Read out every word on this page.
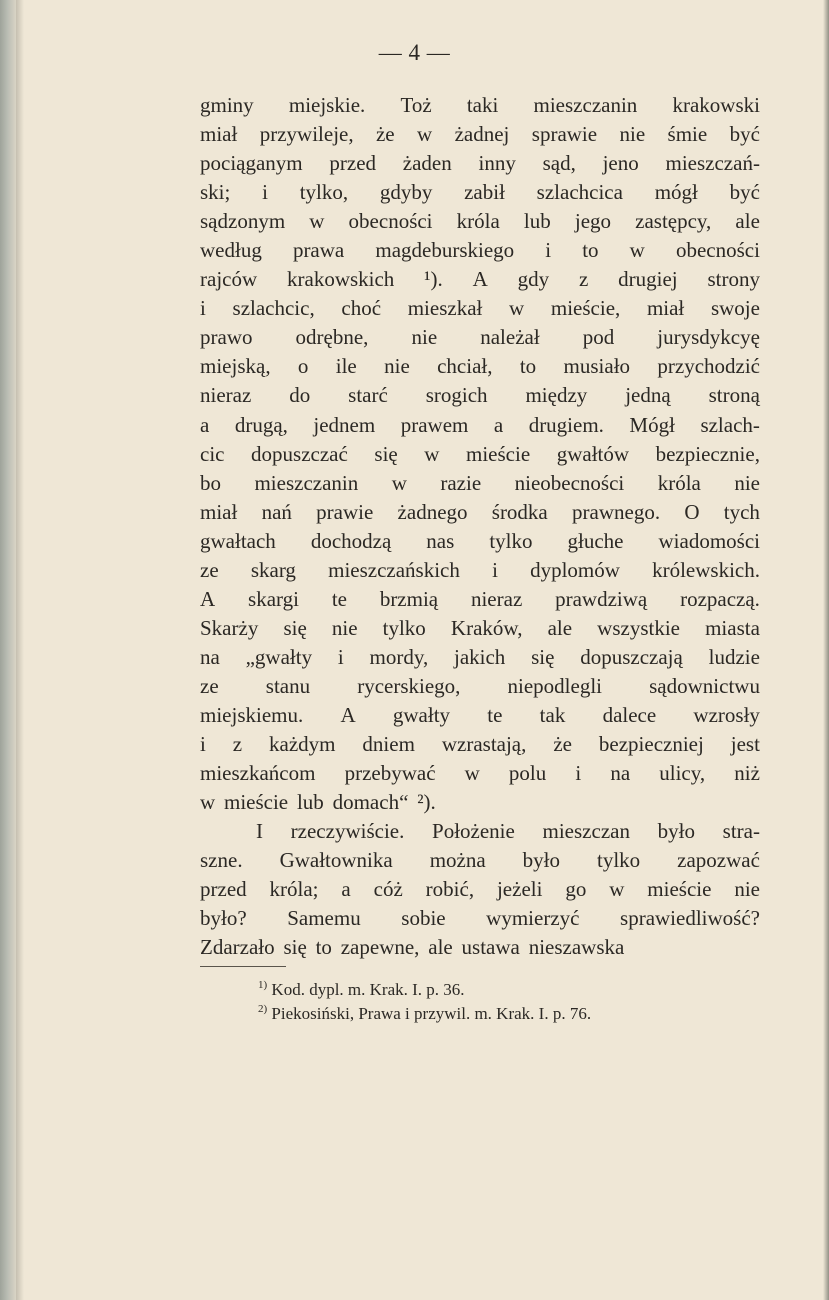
— 4 —
gminy miejskie. Toż taki mieszczanin krakowski
miał przywileje, że w żadnej sprawie nie śmie być
pociąganym przed żaden inny sąd, jeno mieszczań-
ski; i tylko, gdyby zabił szlachcica mógł być
sądzonym w obecności króla lub jego zastępcy, ale
według prawa magdeburskiego i to w obecności
rajców krakowskich ¹). A gdy z drugiej strony
i szlachcic, choć mieszkał w mieście, miał swoje
prawo odrębne, nie należał pod jurysdykcyę
miejską, o ile nie chciał, to musiało przychodzić
nieraz do starć srogich między jedną stroną
a drugą, jednem prawem a drugiem. Mógł szlach-
cic dopuszczać się w mieście gwałtów bezpiecznie,
bo mieszczanin w razie nieobecności króla nie
miał nań prawie żadnego środka prawnego. O tych
gwałtach dochodzą nas tylko głuche wiadomości
ze skarg mieszczańskich i dyplomów królewskich.
A skargi te brzmią nieraz prawdziwą rozpaczą.
Skarży się nie tylko Kraków, ale wszystkie miasta
na „gwałty i mordy, jakich się dopuszczają ludzie
ze stanu rycerskiego, niepodlegli sądownictwu
miejskiemu. A gwałty te tak dalece wzrosły
i z każdym dniem wzrastają, że bezpieczniej jest
mieszkańcom przebywać w polu i na ulicy, niż
w mieście lub domach“ ²).
I rzeczywiście. Położenie mieszczan było stra-
szne. Gwałtownika można było tylko zapozwać
przed króla; a cóż robić, jeżeli go w mieście nie
było? Samemu sobie wymierzyć sprawiedliwość?
Zdarzało się to zapewne, ale ustawa nieszawska
$^{1)}$ Kod. dypl. m. Krak. I. p. 36.
$^{2)}$ Piekosiński, Prawa i przywil. m. Krak. I. p. 76.
